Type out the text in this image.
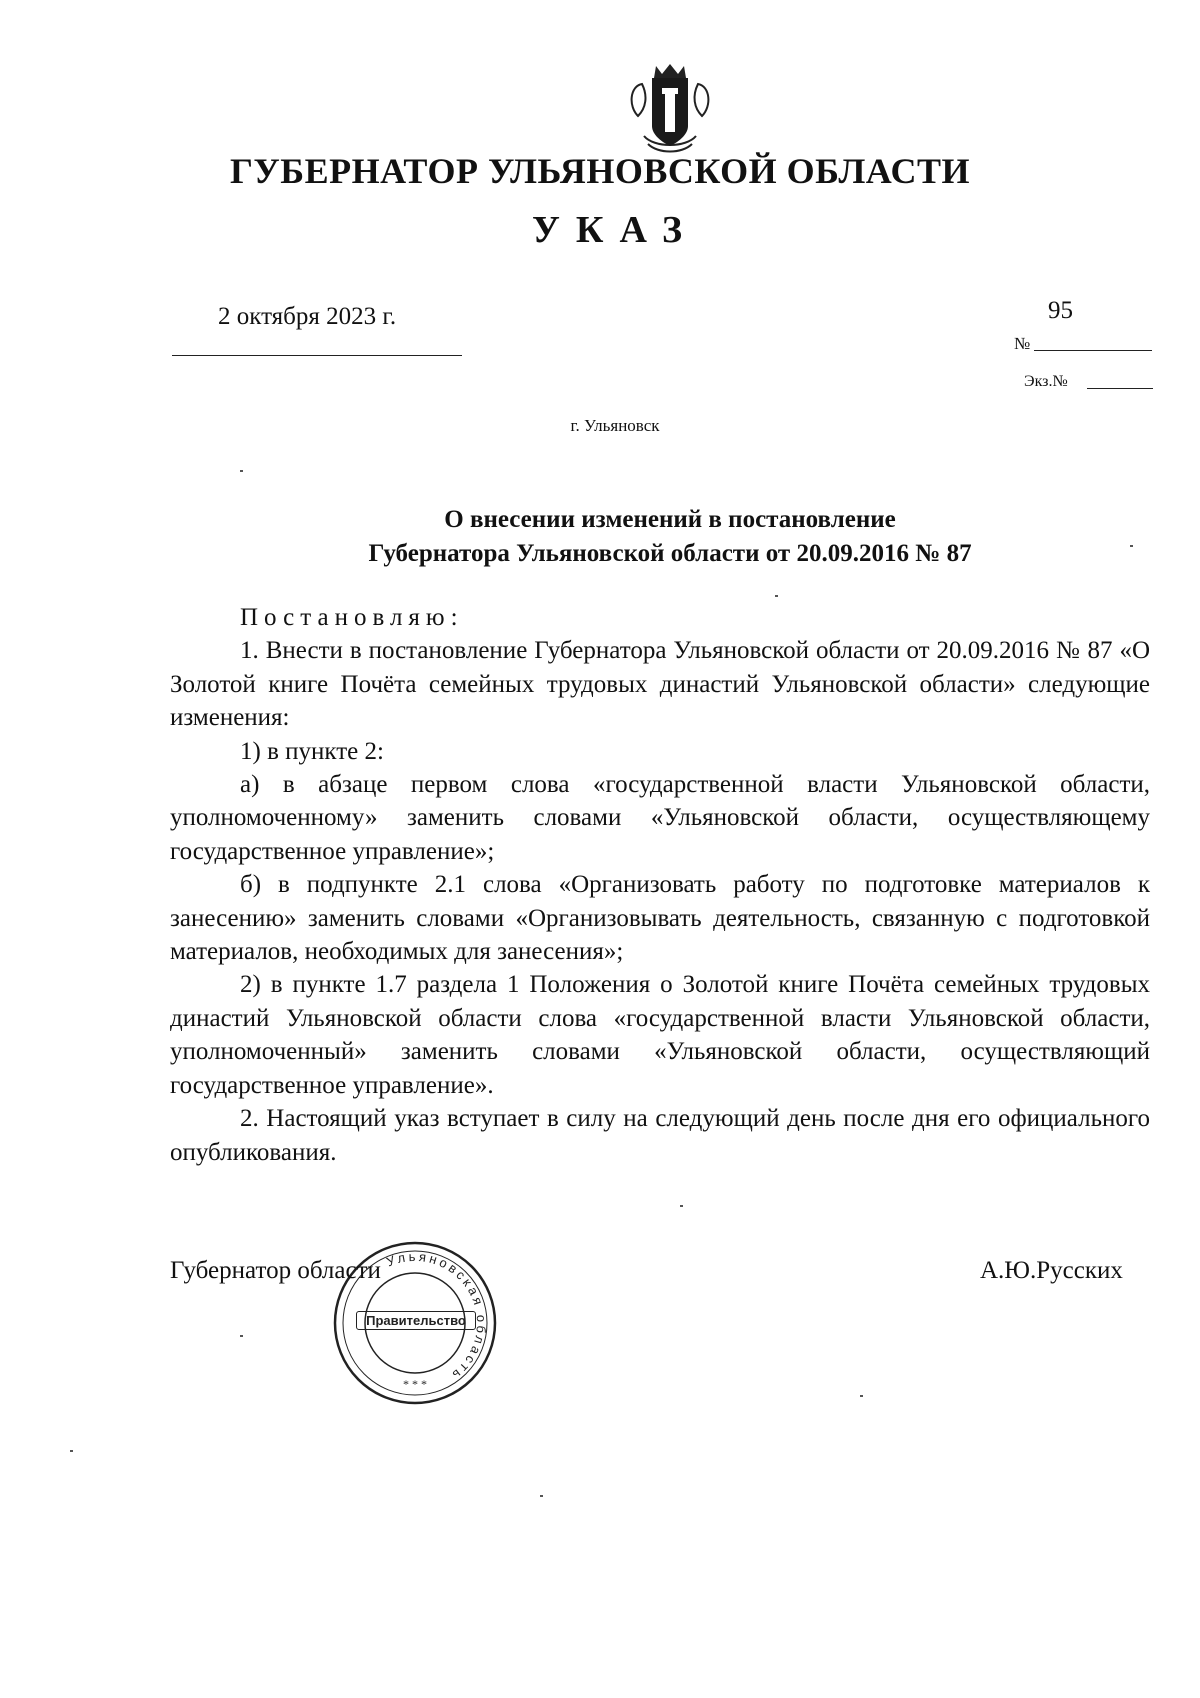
ГУБЕРНАТОР УЛЬЯНОВСКОЙ ОБЛАСТИ
УКАЗ
2 октября 2023 г.	95
№
Экз.№
г. Ульяновск
О внесении изменений в постановление
Губернатора Ульяновской области от 20.09.2016 № 87

Постановляю:

1. Внести в постановление Губернатора Ульяновской области от 20.09.2016 № 87 «О Золотой книге Почёта семейных трудовых династий Ульяновской области» следующие изменения:

1) в пункте 2:

а) в абзаце первом слова «государственной власти Ульяновской области, уполномоченному» заменить словами «Ульяновской области, осуществляющему государственное управление»;

б) в подпункте 2.1 слова «Организовать работу по подготовке материалов к занесению» заменить словами «Организовывать деятельность, связанную с подготовкой материалов, необходимых для занесения»;

2) в пункте 1.7 раздела 1 Положения о Золотой книге Почёта семейных трудовых династий Ульяновской области слова «государственной власти Ульяновской области, уполномоченный» заменить словами «Ульяновской области, осуществляющий государственное управление».

2. Настоящий указ вступает в силу на следующий день после дня его официального опубликования.

Ульяновская область
* * *
Правительство
Губернатор области	А.Ю.Русских
